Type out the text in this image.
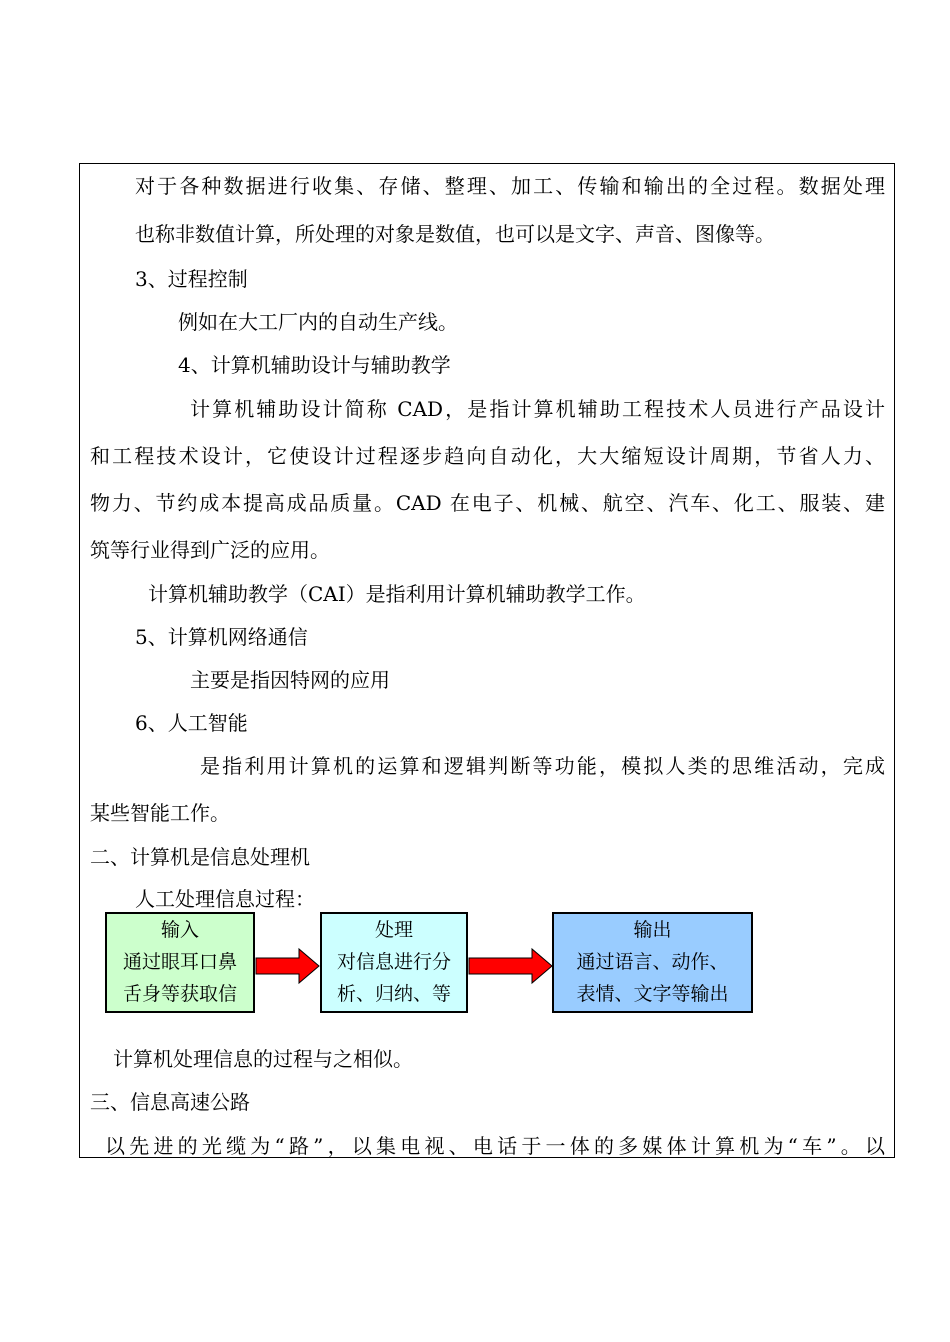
对于各种数据进行收集、存储、整理、加工、传输和输出的全过程。数据处理
也称非数值计算，所处理的对象是数值，也可以是文字、声音、图像等。
3、过程控制
例如在大工厂内的自动生产线。
4、计算机辅助设计与辅助教学
计算机辅助设计简称 CAD，是指计算机辅助工程技术人员进行产品设计
和工程技术设计，它使设计过程逐步趋向自动化，大大缩短设计周期，节省人力、
物力、节约成本提高成品质量。CAD 在电子、机械、航空、汽车、化工、服装、建
筑等行业得到广泛的应用。
计算机辅助教学（CAI）是指利用计算机辅助教学工作。
5、计算机网络通信
主要是指因特网的应用
6、人工智能
是指利用计算机的运算和逻辑判断等功能，模拟人类的思维活动，完成
某些智能工作。
二、计算机是信息处理机
人工处理信息过程：
输入
通过眼耳口鼻
舌身等获取信
处理
对信息进行分
析、归纳、等
输出
通过语言、动作、
表情、文字等输出
计算机处理信息的过程与之相似。
三、信息高速公路
以先进的光缆为“路”，以集电视、电话于一体的多媒体计算机为“车”。以
